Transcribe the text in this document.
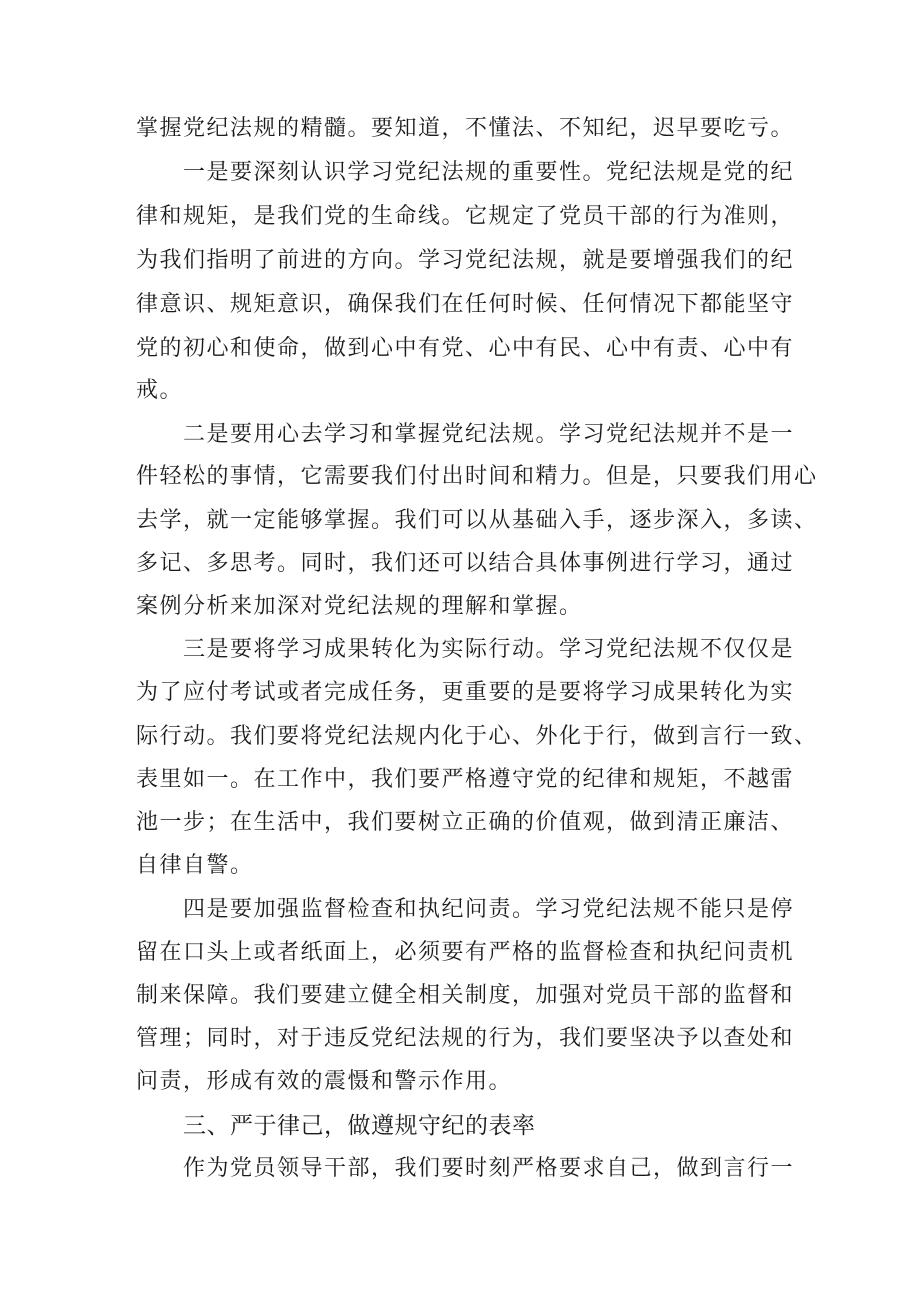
掌握党纪法规的精髓。要知道，不懂法、不知纪，迟早要吃亏。
一是要深刻认识学习党纪法规的重要性。党纪法规是党的纪
律和规矩，是我们党的生命线。它规定了党员干部的行为准则，
为我们指明了前进的方向。学习党纪法规，就是要增强我们的纪
律意识、规矩意识，确保我们在任何时候、任何情况下都能坚守
党的初心和使命，做到心中有党、心中有民、心中有责、心中有
戒。
二是要用心去学习和掌握党纪法规。学习党纪法规并不是一
件轻松的事情，它需要我们付出时间和精力。但是，只要我们用心
去学，就一定能够掌握。我们可以从基础入手，逐步深入，多读、
多记、多思考。同时，我们还可以结合具体事例进行学习，通过
案例分析来加深对党纪法规的理解和掌握。
三是要将学习成果转化为实际行动。学习党纪法规不仅仅是
为了应付考试或者完成任务，更重要的是要将学习成果转化为实
际行动。我们要将党纪法规内化于心、外化于行，做到言行一致、
表里如一。在工作中，我们要严格遵守党的纪律和规矩，不越雷
池一步；在生活中，我们要树立正确的价值观，做到清正廉洁、
自律自警。
四是要加强监督检查和执纪问责。学习党纪法规不能只是停
留在口头上或者纸面上，必须要有严格的监督检查和执纪问责机
制来保障。我们要建立健全相关制度，加强对党员干部的监督和
管理；同时，对于违反党纪法规的行为，我们要坚决予以查处和
问责，形成有效的震慑和警示作用。
三、严于律己，做遵规守纪的表率
作为党员领导干部，我们要时刻严格要求自己，做到言行一
